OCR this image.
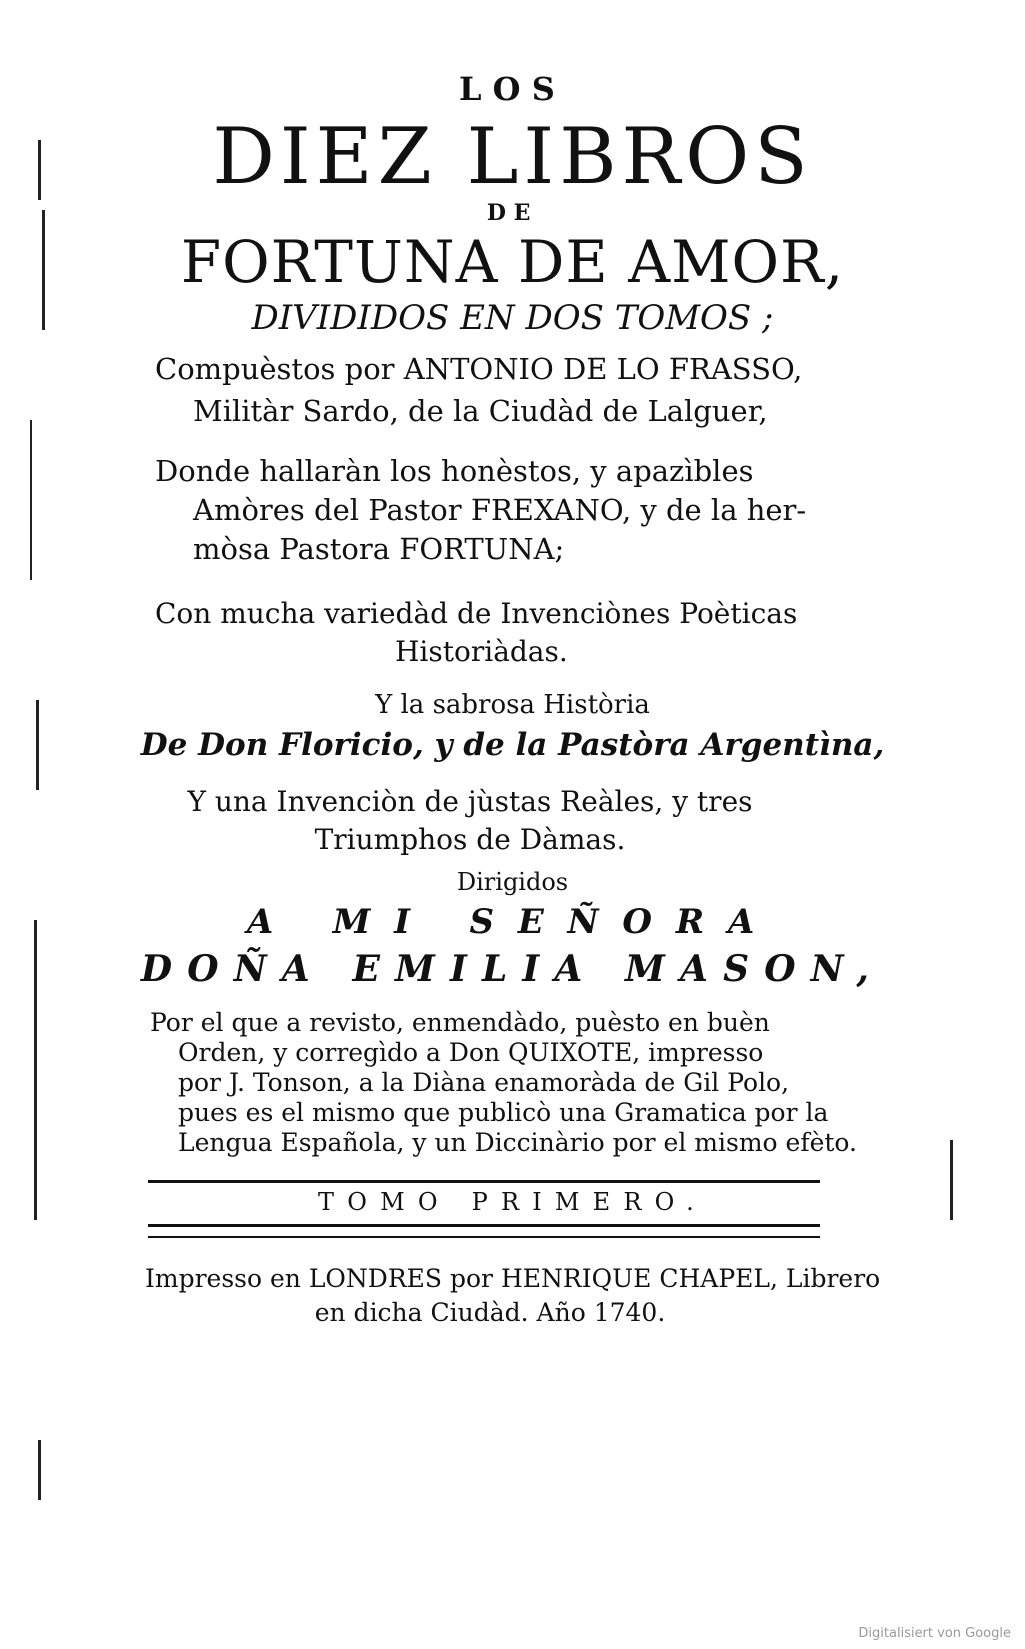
LOS
DIEZ LIBROS
DE
FORTUNA DE AMOR,
DIVIDIDOS EN DOS TOMOS ;
Compuèstos por ANTONIO DE LO FRASSO,
Militàr Sardo, de la Ciudàd de Lalguer,
Donde hallaràn los honèstos, y apazìbles
Amòres del Pastor FREXANO, y de la her-
mòsa Pastora FORTUNA;
Con mucha variedàd de Invenciònes Poèticas
Historiàdas.
Y la sabrosa Història
De Don Floricio, y de la Pastòra Argentìna,
Y una Invenciòn de jùstas Reàles, y tres
Triumphos de Dàmas.
Dirigidos
A MI SEÑORA
DOÑA EMILIA MASON,
Por el que a revisto, enmendàdo, puèsto en buèn
Orden, y corregìdo a Don QUIXOTE, impresso
por J. Tonson, a la Diàna enamoràda de Gil Polo,
pues es el mismo que publicò una Gramatica por la
Lengua Española, y un Diccinàrio por el mismo efèto.
TOMO PRIMERO.
Impresso en LONDRES por HENRIQUE CHAPEL, Librero
en dicha Ciudàd. Año 1740.
Digitalisiert von Google
